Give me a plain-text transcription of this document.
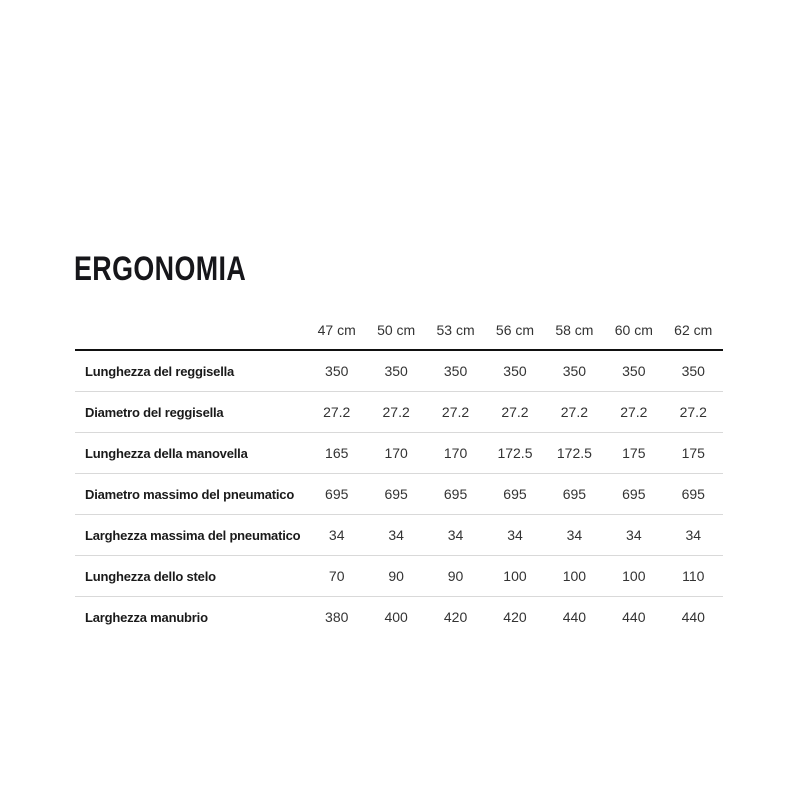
ERGONOMIA
47 cm	50 cm	53 cm	56 cm	58 cm	60 cm	62 cm
Lunghezza del reggisella	350	350	350	350	350	350	350
Diametro del reggisella	27.2	27.2	27.2	27.2	27.2	27.2	27.2
Lunghezza della manovella	165	170	170	172.5	172.5	175	175
Diametro massimo del pneumatico	695	695	695	695	695	695	695
Larghezza massima del pneumatico	34	34	34	34	34	34	34
Lunghezza dello stelo	70	90	90	100	100	100	110
Larghezza manubrio	380	400	420	420	440	440	440
